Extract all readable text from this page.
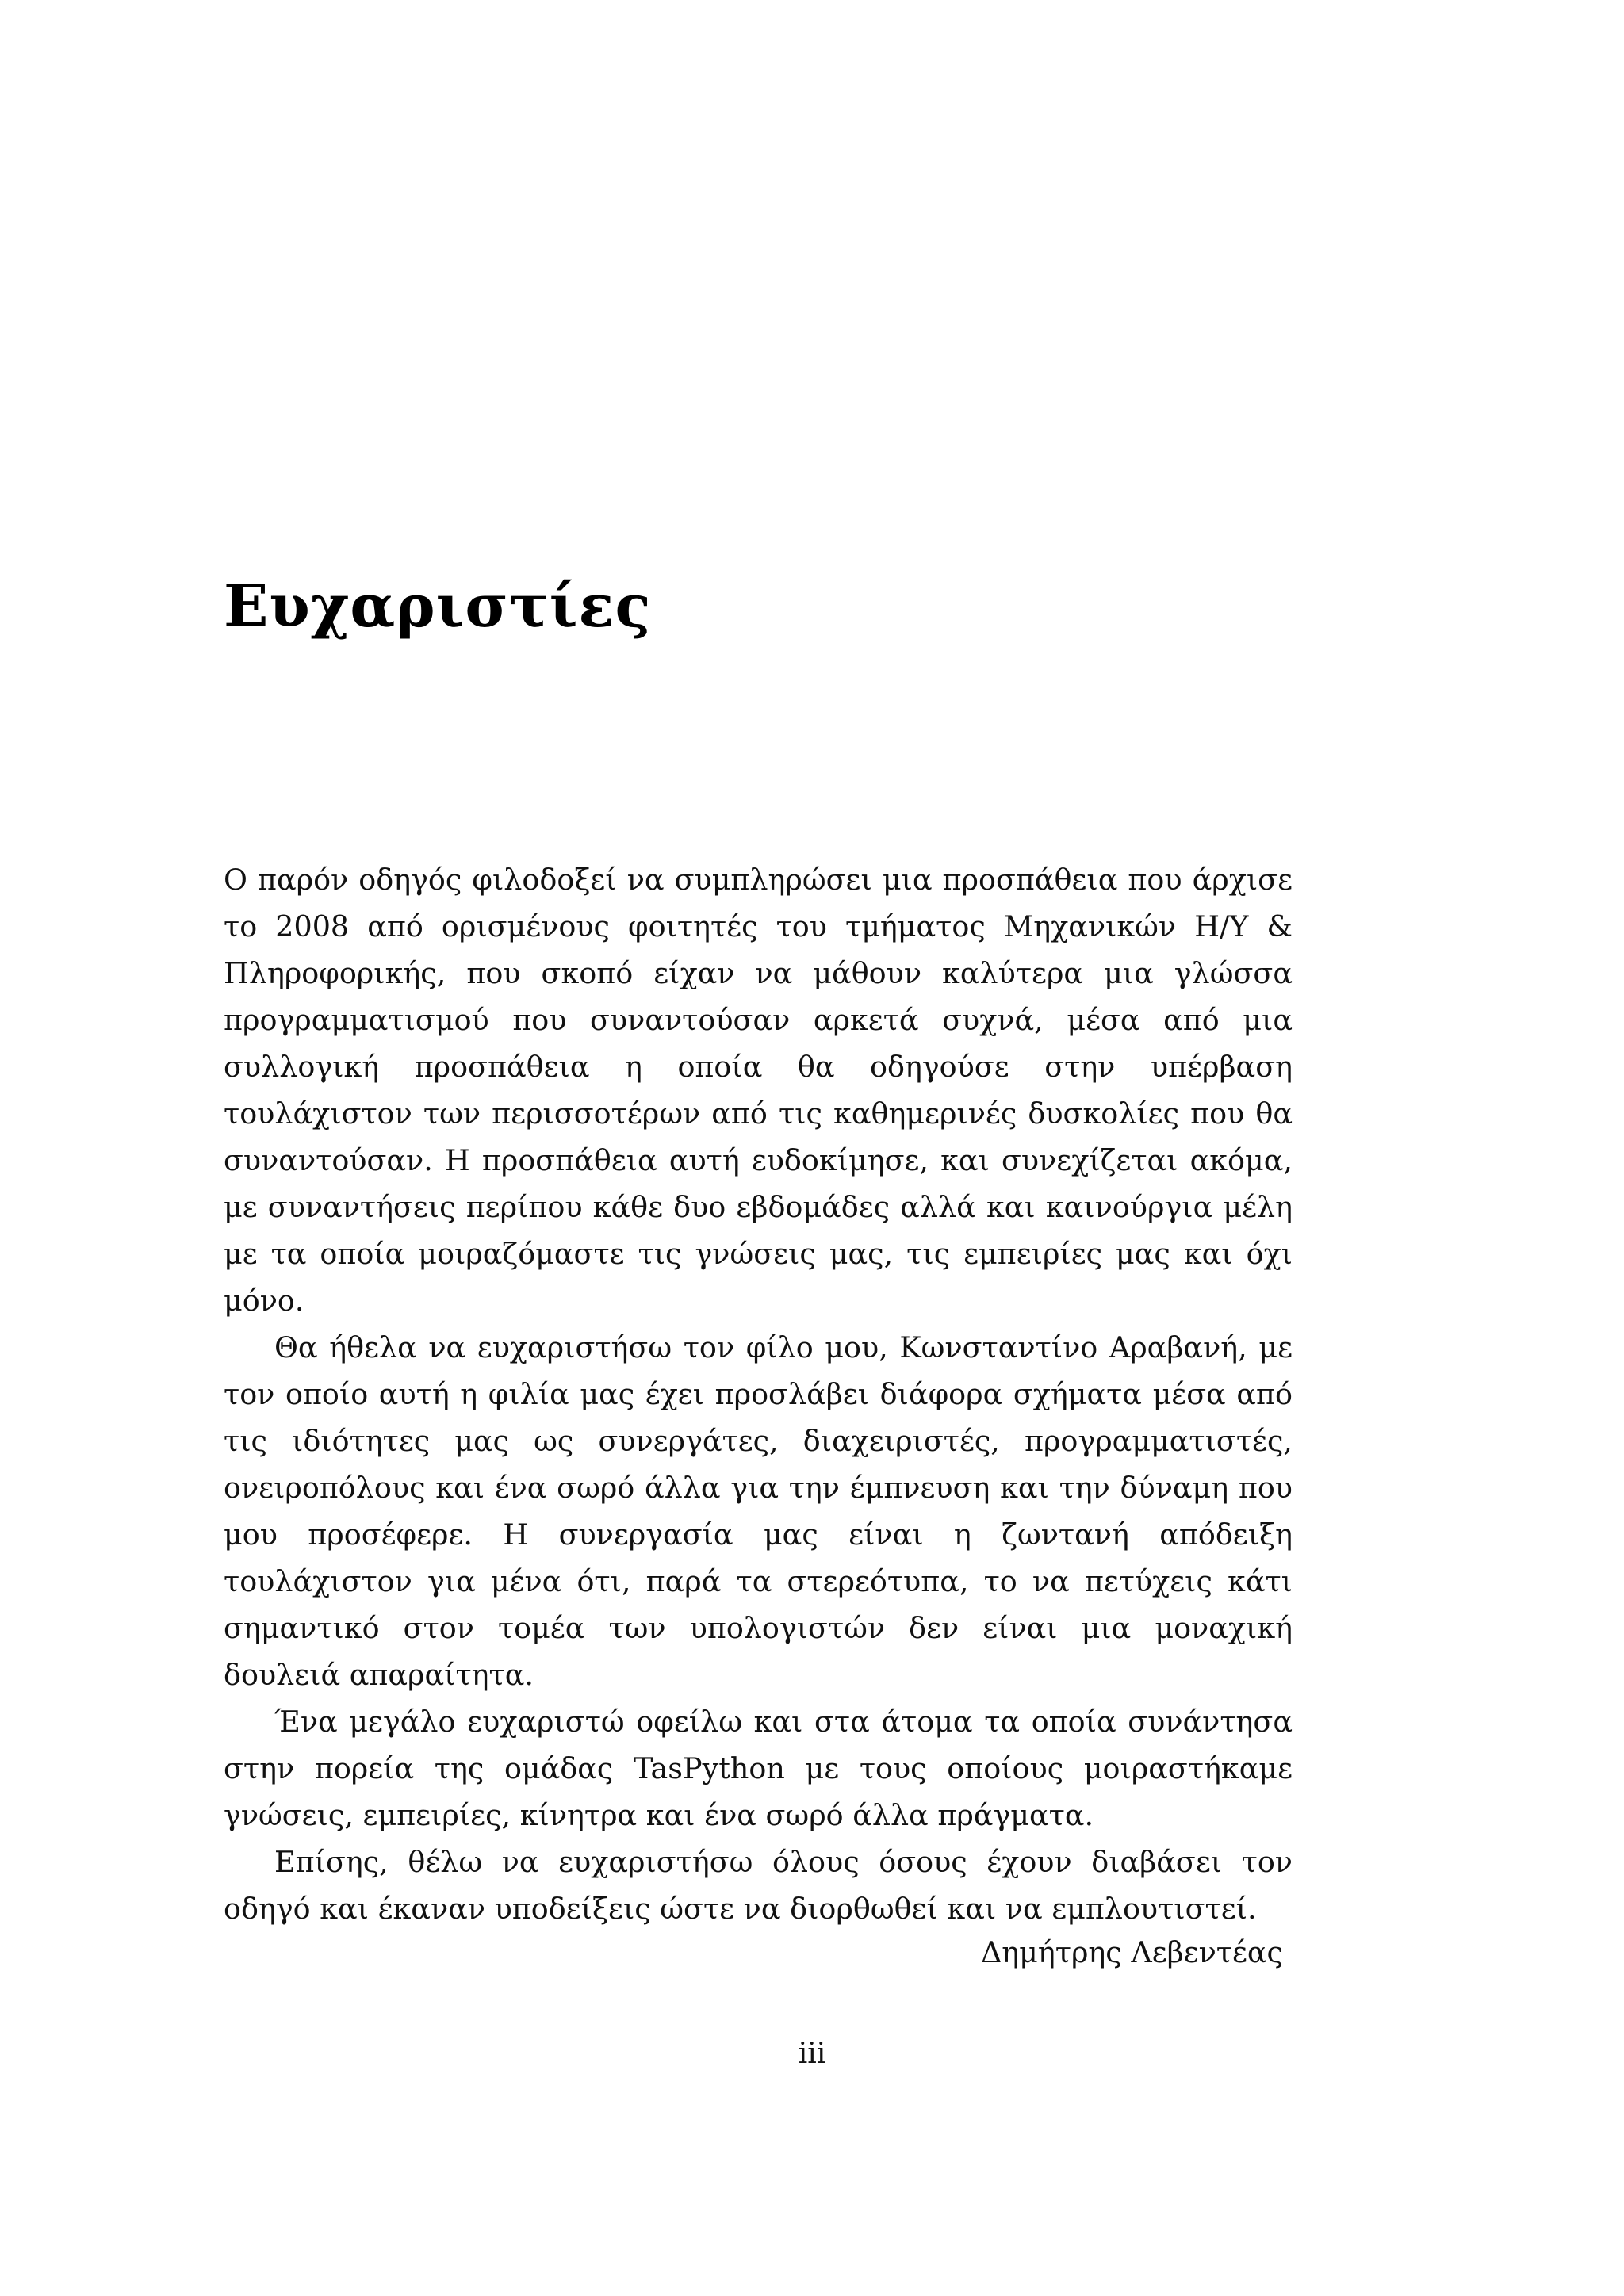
Ευχαριστίες

Ο παρόν οδηγός φιλοδοξεί να συμπληρώσει μια προσπάθεια που άρχισε το 2008 από ορισμένους φοιτητές του τμήματος Μηχανικών Η/Υ & Πληροφορικής, που σκοπό είχαν να μάθουν καλύτερα μια γλώσσα προγραμματισμού που συναντούσαν αρκετά συχνά, μέσα από μια συλλογική προσπάθεια η οποία θα οδηγούσε στην υπέρβαση τουλάχιστον των περισσοτέρων από τις καθημερινές δυσκολίες που θα συναντούσαν. Η προσπάθεια αυτή ευδοκίμησε, και συνεχίζεται ακόμα, με συναντήσεις περίπου κάθε δυο εβδομάδες αλλά και καινούργια μέλη με τα οποία μοιραζόμαστε τις γνώσεις μας, τις εμπειρίες μας και όχι μόνο.

Θα ήθελα να ευχαριστήσω τον φίλο μου, Κωνσταντίνο Αραβανή, με τον οποίο αυτή η φιλία μας έχει προσλάβει διάφορα σχήματα μέσα από τις ιδιότητες μας ως συνεργάτες, διαχειριστές, προγραμματιστές, ονειροπόλους και ένα σωρό άλλα για την έμπνευση και την δύναμη που μου προσέφερε. Η συνεργασία μας είναι η ζωντανή απόδειξη τουλάχιστον για μένα ότι, παρά τα στερεότυπα, το να πετύχεις κάτι σημαντικό στον τομέα των υπολογιστών δεν είναι μια μοναχική δουλειά απαραίτητα.

Ένα μεγάλο ευχαριστώ οφείλω και στα άτομα τα οποία συνάντησα στην πορεία της ομάδας TasPython με τους οποίους μοιραστήκαμε γνώσεις, εμπειρίες, κίνητρα και ένα σωρό άλλα πράγματα.

Επίσης, θέλω να ευχαριστήσω όλους όσους έχουν διαβάσει τον οδηγό και έκαναν υποδείξεις ώστε να διορθωθεί και να εμπλουτιστεί.

Δημήτρης Λεβεντέας

iii
